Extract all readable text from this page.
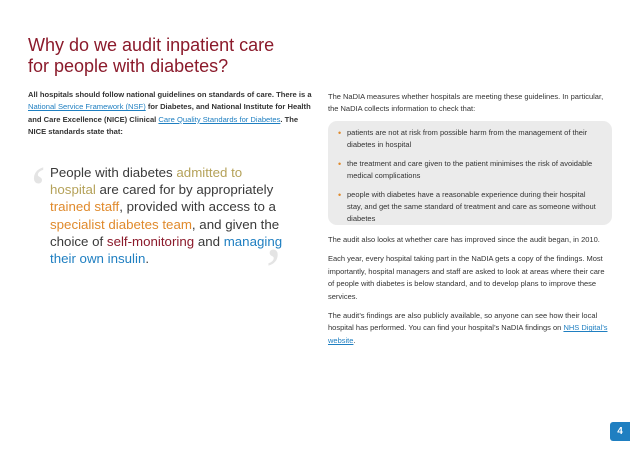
Why do we audit inpatient care
for people with diabetes?

All hospitals should follow national guidelines on standards of care. There is a National Service Framework (NSF) for Diabetes, and National Institute for Health and Care Excellence (NICE) Clinical Care Quality Standards for Diabetes. The NICE standards state that:

‘ People with diabetes admitted to hospital are cared for by appropriately trained staff, provided with access to a specialist diabetes team, and given the choice of self-monitoring and managing their own insulin.	’

The NaDIA measures whether hospitals are meeting these guidelines. In particular, the NaDIA collects information to check that:

• patients are not at risk from possible harm from the management of their diabetes in hospital
• the treatment and care given to the patient minimises the risk of avoidable medical complications
• people with diabetes have a reasonable experience during their hospital stay, and get the same standard of treatment and care as someone without diabetes

The audit also looks at whether care has improved since the audit began, in 2010.

Each year, every hospital taking part in the NaDIA gets a copy of the findings. Most importantly, hospital managers and staff are asked to look at areas where their care of people with diabetes is below standard, and to develop plans to improve these services.

The audit’s findings are also publicly available, so anyone can see how their local hospital has performed. You can find your hospital’s NaDIA findings on NHS Digital’s website.

4
